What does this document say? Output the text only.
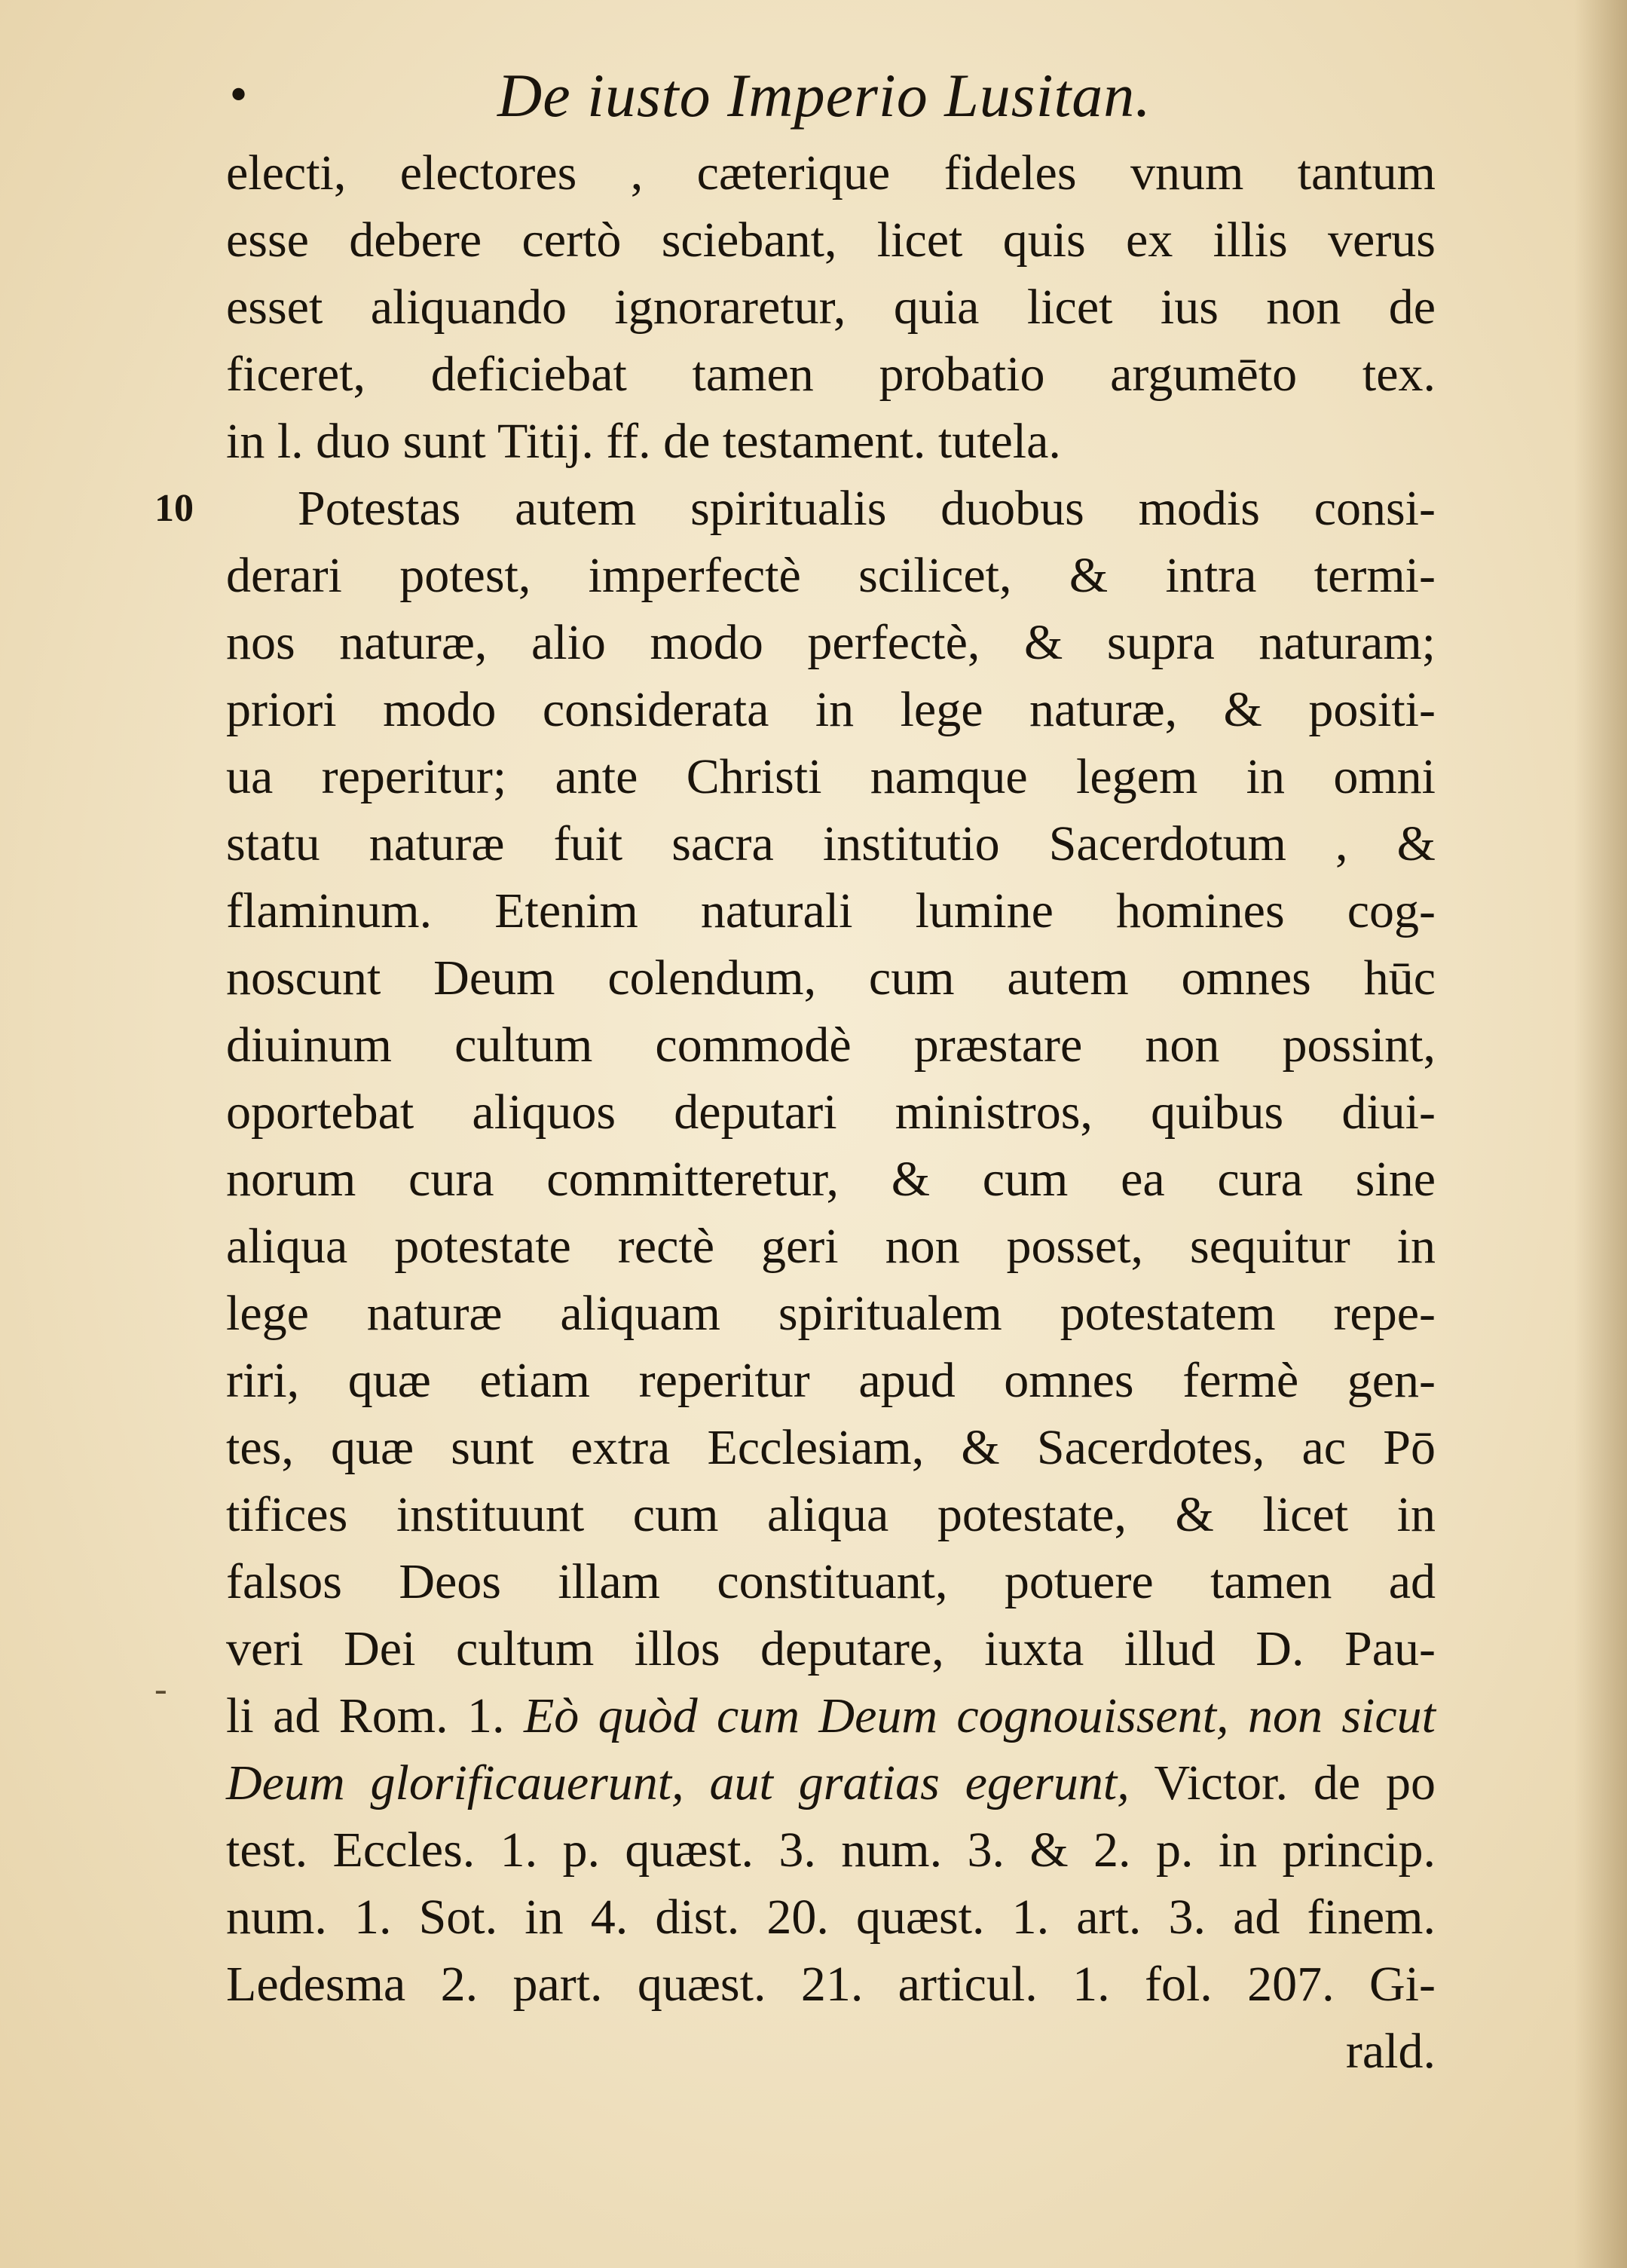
•	De iusto Imperio Lusitan.
10
-
electi, electores , cæterique fideles vnum tantum
esse debere certò sciebant, licet quis ex illis verus
esset aliquando ignoraretur, quia licet ius non de
ficeret, deficiebat tamen probatio argumēto tex.
in l. duo sunt Titij. ff. de testament. tutela.
Potestas autem spiritualis duobus modis consi-
derari potest, imperfectè scilicet, & intra termi-
nos naturæ, alio modo perfectè, & supra naturam;
priori modo considerata in lege naturæ, & positi-
ua reperitur; ante Christi namque legem in omni
statu naturæ fuit sacra institutio Sacerdotum , &
flaminum. Etenim naturali lumine homines cog-
noscunt Deum colendum, cum autem omnes hūc
diuinum cultum commodè præstare non possint,
oportebat aliquos deputari ministros, quibus diui-
norum cura committeretur, & cum ea cura sine
aliqua potestate rectè geri non posset, sequitur in
lege naturæ aliquam spiritualem potestatem repe-
riri, quæ etiam reperitur apud omnes fermè gen-
tes, quæ sunt extra Ecclesiam, & Sacerdotes, ac Pō
tifices instituunt cum aliqua potestate, & licet in
falsos Deos illam constituant, potuere tamen ad
veri Dei cultum illos deputare, iuxta illud D. Pau-
li ad Rom. 1. Eò quòd cum Deum cognouissent, non sicut
Deum glorificauerunt, aut gratias egerunt, Victor. de po
test. Eccles. 1. p. quæst. 3. num. 3. & 2. p. in princip.
num. 1. Sot. in 4. dist. 20. quæst. 1. art. 3. ad finem.
Ledesma 2. part. quæst. 21. articul. 1. fol. 207. Gi-
rald.
